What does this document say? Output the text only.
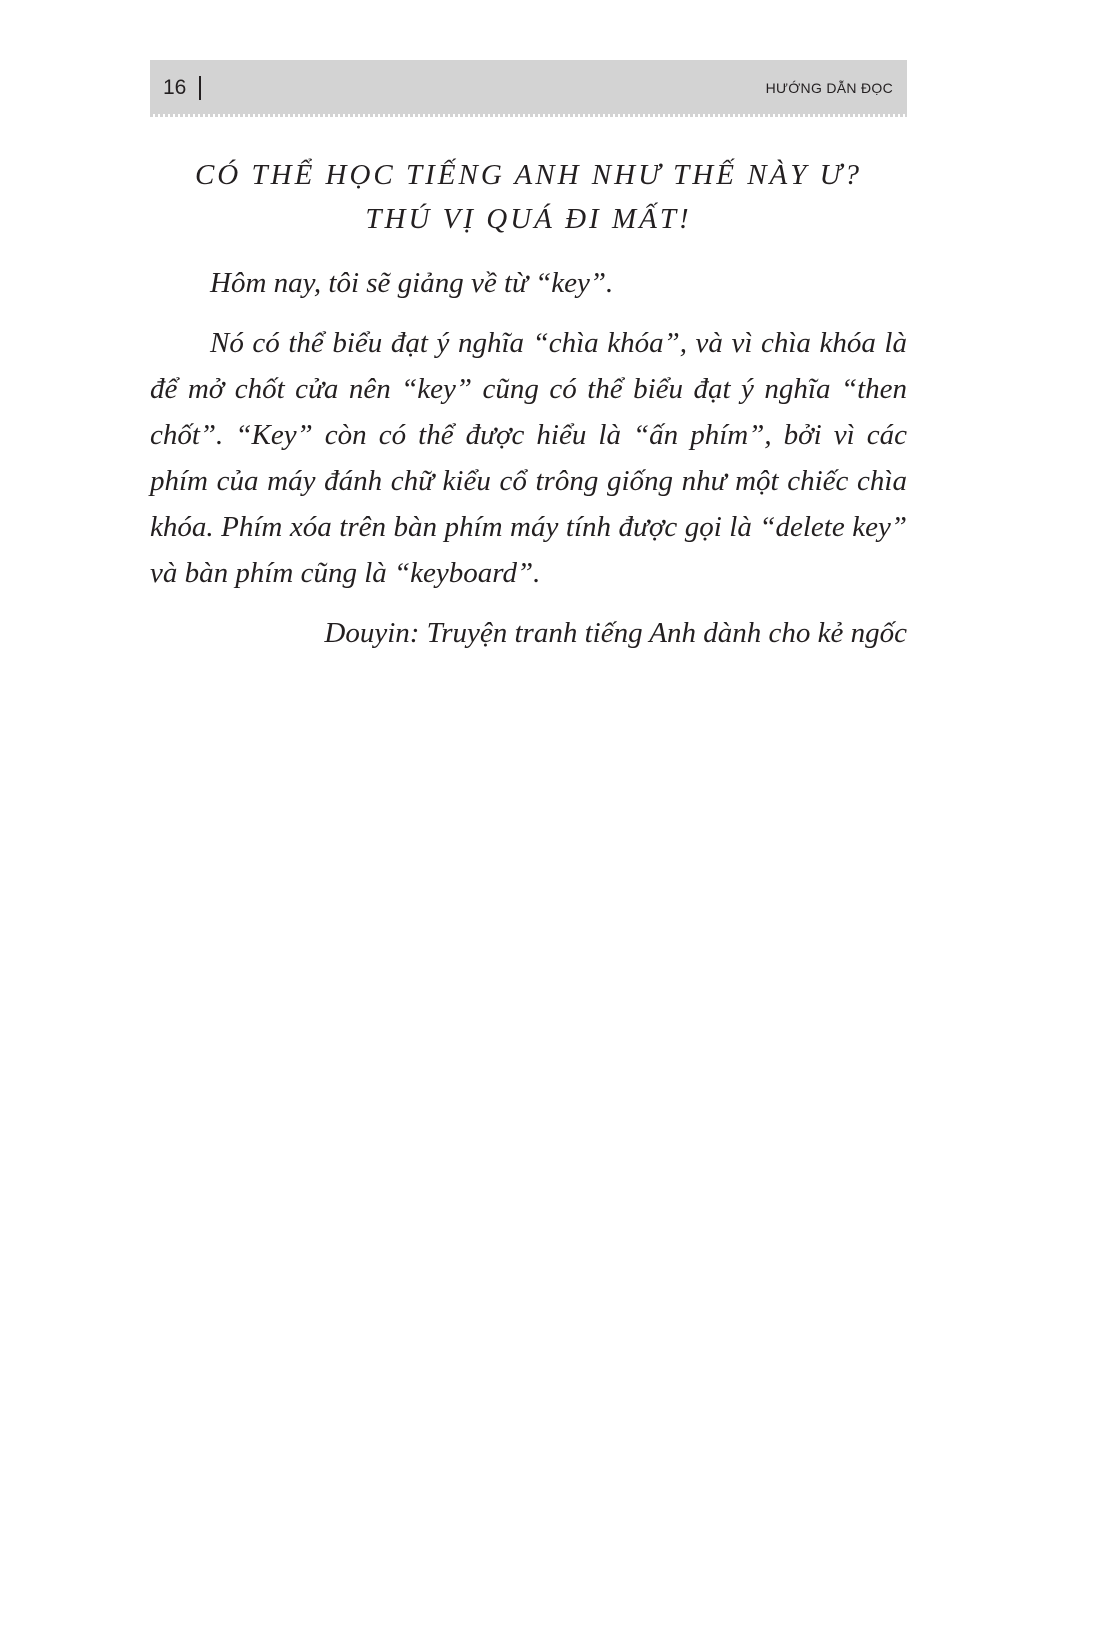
16	HƯỚNG DẪN ĐỌC
CÓ THỂ HỌC TIẾNG ANH NHƯ THẾ NÀY Ư?
THÚ VỊ QUÁ ĐI MẤT!

Hôm nay, tôi sẽ giảng về từ “key”.

Nó có thể biểu đạt ý nghĩa “chìa khóa”, và vì chìa khóa là để mở chốt cửa nên “key” cũng có thể biểu đạt ý nghĩa “then chốt”. “Key” còn có thể được hiểu là “ấn phím”, bởi vì các phím của máy đánh chữ kiểu cổ trông giống như một chiếc chìa khóa. Phím xóa trên bàn phím máy tính được gọi là “delete key” và bàn phím cũng là “keyboard”.

Douyin: Truyện tranh tiếng Anh dành cho kẻ ngốc
